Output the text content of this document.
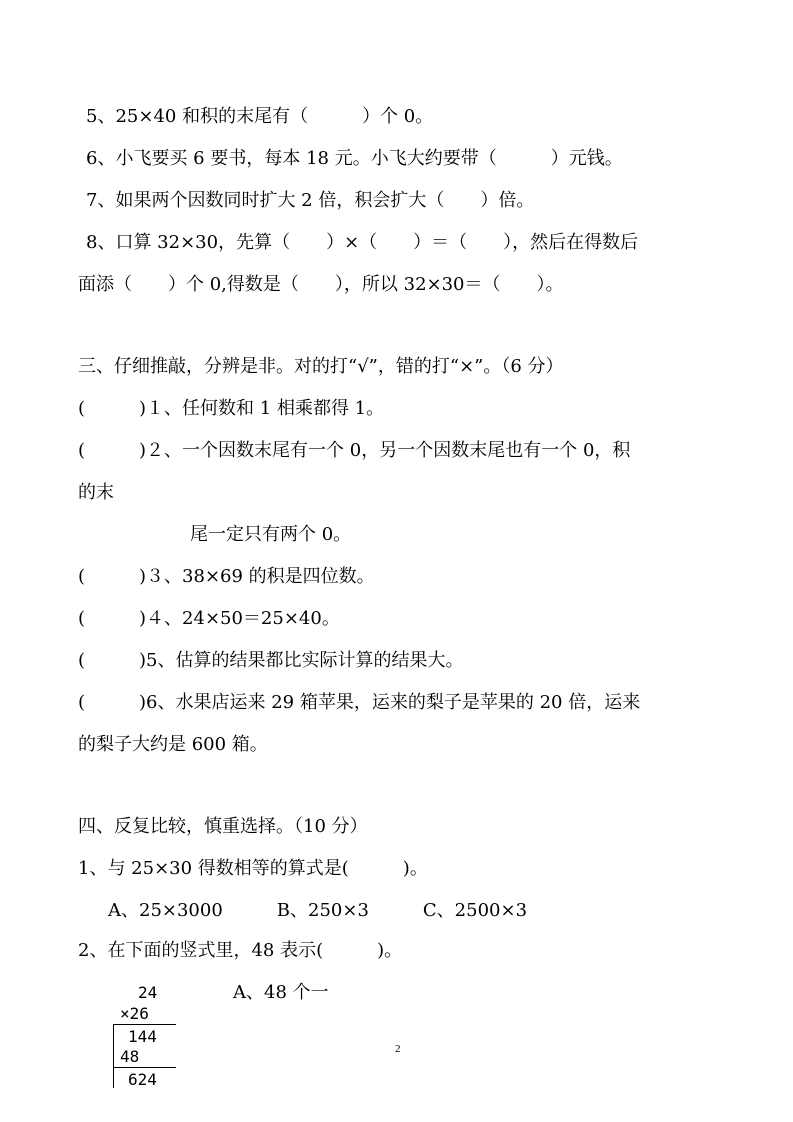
5、25×40 和积的末尾有（　　　）个 0。
6、小飞要买 6 要书，每本 18 元。小飞大约要带（　　　）元钱。
7、如果两个因数同时扩大 2 倍，积会扩大（　　）倍。
8、口算 32×30，先算（　　）×（　　）＝（　　），然后在得数后
面添（　　）个 0,得数是（　　），所以 32×30＝（　　）。
三、仔细推敲，分辨是非。对的打“√”，错的打“×”。（6 分）
(　　　)１、任何数和 1 相乘都得 1。
(　　　)２、一个因数末尾有一个 0，另一个因数末尾也有一个 0，积
的末
尾一定只有两个 0。
(　　　)３、38×69 的积是四位数。
(　　　)４、24×50＝25×40。
(　　　)5、估算的结果都比实际计算的结果大。
(　　　)6、水果店运来 29 箱苹果，运来的梨子是苹果的 20 倍，运来
的梨子大约是 600 箱。
四、反复比较，慎重选择。（10 分）
1、与 25×30 得数相等的算式是(　　　)。
A、25×3000　　　B、250×3　　　C、2500×3
2、在下面的竖式里，48 表示(　　　)。
A、48 个一
24
×26
144
48
624
2
